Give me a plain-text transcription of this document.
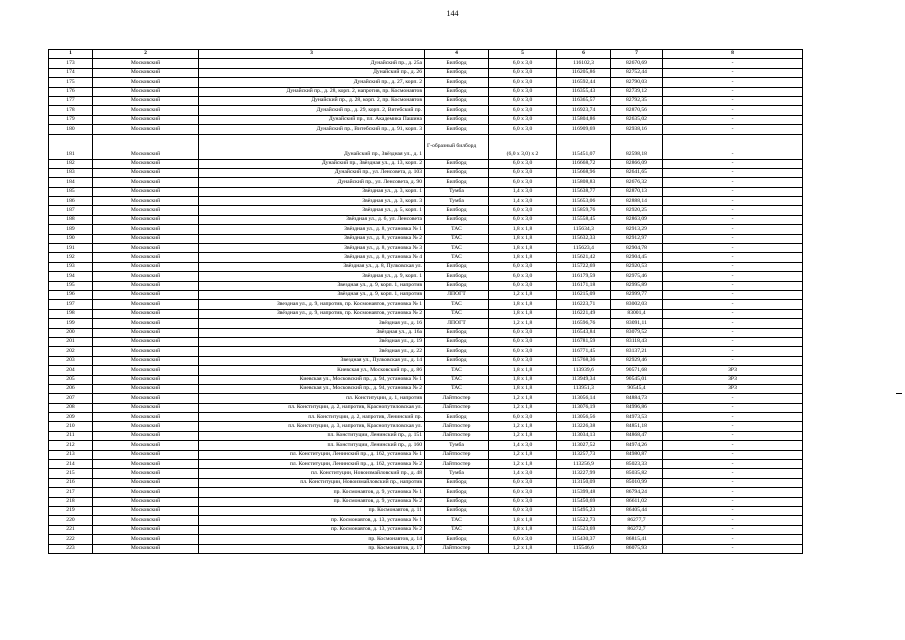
144
1	2	3	4	5	6	7	8
173	Московский	Дунайский пр., д. 25а	Билборд	6,0 x 3,0	116102,3	82670,69	-
174	Московский	Дунайский пр., д. 26	Билборд	6,0 x 3,0	116205,86	82752,44	-
175	Московский	Дунайский пр., д. 27, корп. 2	Билборд	6,0 x 3,0	116592,44	82790,03	-
176	Московский	Дунайский пр., д. 28, корп. 2, напротив, пр. Космонавтов	Билборд	6,0 x 3,0	116355,43	82739,12	-
177	Московский	Дунайский пр., д. 28, корп. 2, пр. Космонавтов	Билборд	6,0 x 3,0	116365,57	82792,35	-
178	Московский	Дунайский пр., д. 29, корп. 2, Витебский пр.	Билборд	6,0 x 3,0	116923,74	82870,56	-
179	Московский	Дунайский пр., пл. Академика Пашина	Билборд	6,0 x 3,0	115804,86	82635,02	-
180	Московский	Дунайский пр., Витебский пр., д. 91, корп. 3	Билборд	6,0 x 3,0	116909,69	82938,16	-
181	Московский	Дунайский пр., Звёздная ул., д. 1	Г-образный билборд	(6,0 x 3,0) x 2	115451,07	82598,18	-
182	Московский	Дунайский пр., Звёздная ул., д. 13, корп. 2	Билборд	6,0 x 3,0	116668,72	82866,09	-
183	Московский	Дунайский пр., ул. Ленсовета, д. 103	Билборд	6,0 x 3,0	115668,96	82641,65	-
184	Московский	Дунайский пр., ул. Ленсовета, д. 90	Билборд	6,0 x 3,0	115808,83	82676,32	-
185	Московский	Звёздная ул., д. 3, корп. 1	Тумба	1,4 x 3,0	115638,77	82870,13	-
186	Московский	Звёздная ул., д. 3, корп. 3	Тумба	1,4 x 3,0	115653,06	82888,14	-
187	Московский	Звёздная ул., д. 5, корп. 1	Билборд	6,0 x 3,0	115859,76	82920,25	-
188	Московский	Звёздная ул., д. 6, ул. Ленсовета	Билборд	6,0 x 3,0	115558,45	82863,09	-
189	Московский	Звёздная ул., д. 8, установка № 1	ТАС	1,8 x 1,8	115634,3	82913,29	-
190	Московский	Звёздная ул., д. 8, установка № 2	ТАС	1,8 x 1,8	115632,33	82912,97	-
191	Московский	Звёздная ул., д. 8, установка № 3	ТАС	1,8 x 1,8	115623,4	82904,78	-
192	Московский	Звёздная ул., д. 8, установка № 4	ТАС	1,8 x 1,8	115621,42	82904,45	-
193	Московский	Звёздная ул., д. 8, Пулковская ул.	Билборд	6,0 x 3,0	115722,69	82920,53	-
194	Московский	Звёздная ул., д. 9, корп. 1	Билборд	6,0 x 3,0	116179,59	82975,46	-
195	Московский	Звездная ул., д. 9, корп. 1, напротив	Билборд	6,0 x 3,0	116171,18	82995,89	-
196	Московский	Звёздная ул., д. 9, корп. 1, напротив	ЛПОГТ	1,2 x 1,8	116215,09	82999,77	-
197	Московский	Звездная ул., д. 9, напротив, пр. Космонавтов, установка № 1	ТАС	1,8 x 1,8	116223,71	83002,03	-
198	Московский	Звёздная ул., д. 9, напротив, пр. Космонавтов, установка № 2	ТАС	1,8 x 1,8	116221,49	83001,4	-
199	Московский	Звёздная ул., д. 16	ЛПОГТ	1,2 x 1,8	116596,76	83091,11	-
200	Московский	Звёздная ул., д. 16а	Билборд	6,0 x 3,0	116543,84	83079,52	-
201	Московский	Звёздная ул., д. 19	Билборд	6,0 x 3,0	116781,59	83118,43	-
202	Московский	Звёздная ул., д. 22	Билборд	6,0 x 3,0	116771,45	83137,21	-
203	Московский	Звездная ул., Пулковская ул., д. 14	Билборд	6,0 x 3,0	115768,36	82929,46	-
204	Московский	Киевская ул., Московский пр., д. 86	ТАС	1,8 x 1,8	113939,6	90571,68	ЗРЗ
205	Московский	Киевская ул., Московский пр., д. 94, установка № 1	ТАС	1,8 x 1,8	113949,34	90545,01	ЗРЗ
206	Московский	Киевская ул., Московский пр., д. 94, установка № 2	ТАС	1,8 x 1,8	113951,3	90545,4	ЗРЗ
207	Московский	пл. Конституции, д. 1, напротив	Лайтпостер	1,2 x 1,8	113056,14	84884,73	-
208	Московский	пл. Конституции, д. 2, напротив, Краснопутиловская ул.	Лайтпостер	1,2 x 1,8	113076,19	84996,86	-
209	Московский	пл. Конституции, д. 2, напротив, Ленинский пр.	Билборд	6,0 x 3,0	113056,56	84973,53	-
210	Московский	пл. Конституции, д. 3, напротив, Краснопутиловская ул.	Лайтпостер	1,2 x 1,8	113226,38	84851,18	-
211	Московский	пл. Конституции, Ленинский пр., д. 151	Лайтпостер	1,2 x 1,8	113034,13	84868,47	-
212	Московский	пл. Конституции, Ленинский пр., д. 160	Тумба	1,4 x 3,0	113027,52	84974,26	-
213	Московский	пл. Конституции, Ленинский пр., д. 162, установка № 1	Лайтпостер	1,2 x 1,8	113257,73	84980,87	-
214	Московский	пл. Конституции, Ленинский пр., д. 162, установка № 2	Лайтпостер	1,2 x 1,8	113256,9	85023,33	-
215	Московский	пл. Конституции, Новоизмайловский пр., д. 48	Тумба	1,4 x 3,0	113227,99	85035,82	-
216	Московский	пл. Конституции, Новоизмайловский пр., напротив	Билборд	6,0 x 3,0	113150,09	85010,99	-
217	Московский	пр. Космонавтов, д. 9, установка № 1	Билборд	6,0 x 3,0	115399,48	86794,24	-
218	Московский	пр. Космонавтов, д. 9, установка № 2	Билборд	6,0 x 3,0	115450,69	86611,02	-
219	Московский	пр. Космонавтов, д. 11	Билборд	6,0 x 3,0	115495,23	86405,44	-
220	Московский	пр. Космонавтов, д. 13, установка № 1	ТАС	1,8 x 1,8	115522,73	86277,7	-
221	Московский	пр. Космонавтов, д. 13, установка № 2	ТАС	1,8 x 1,8	115523,69	86272,7	-
222	Московский	пр. Космонавтов, д. 14	Билборд	6,0 x 3,0	115430,37	86815,41	-
223	Московский	пр. Космонавтов, д. 17	Лайтпостер	1,2 x 1,8	115546,6	86075,93	-
